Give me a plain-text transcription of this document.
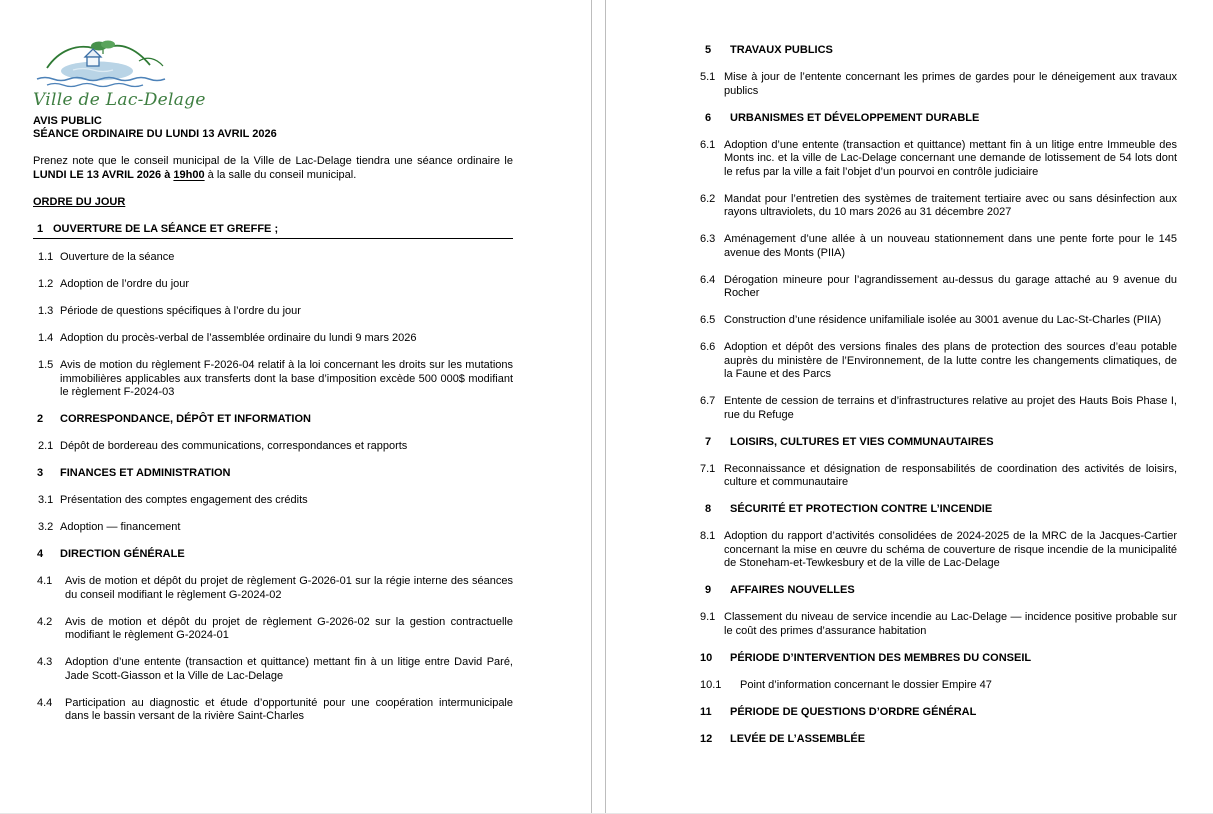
Ville de Lac-Delage
AVIS PUBLIC
SÉANCE ORDINAIRE DU LUNDI 13 AVRIL 2026
Prenez note que le conseil municipal de la Ville de Lac-Delage tiendra une séance ordinaire le LUNDI LE 13 AVRIL 2026 à 19h00 à la salle du conseil municipal.
ORDRE DU JOUR
1 OUVERTURE DE LA SÉANCE ET GREFFE ;
1.1 Ouverture de la séance
1.2 Adoption de l’ordre du jour
1.3 Période de questions spécifiques à l’ordre du jour
1.4 Adoption du procès-verbal de l’assemblée ordinaire du lundi 9 mars 2026
1.5 Avis de motion du règlement F-2026-04 relatif à la loi concernant les droits sur les mutations immobilières applicables aux transferts dont la base d’imposition excède 500 000$ modifiant le règlement F-2024-03
2	CORRESPONDANCE, DÉPÔT ET INFORMATION
2.1 Dépôt de bordereau des communications, correspondances et rapports
3	FINANCES ET ADMINISTRATION
3.1 Présentation des comptes engagement des crédits
3.2 Adoption — financement
4	DIRECTION GÉNÉRALE
4.1	Avis de motion et dépôt du projet de règlement G-2026-01 sur la régie interne des séances du conseil modifiant le règlement G-2024-02
4.2	Avis de motion et dépôt du projet de règlement G-2026-02 sur la gestion contractuelle modifiant le règlement G-2024-01
4.3	Adoption d’une entente (transaction et quittance) mettant fin à un litige entre David Paré, Jade Scott-Giasson et la Ville de Lac-Delage
4.4	Participation au diagnostic et étude d’opportunité pour une coopération intermunicipale dans le bassin versant de la rivière Saint-Charles
5	TRAVAUX PUBLICS
5.1 Mise à jour de l’entente concernant les primes de gardes pour le déneigement aux travaux publics
6	URBANISMES ET DÉVELOPPEMENT DURABLE
6.1 Adoption d’une entente (transaction et quittance) mettant fin à un litige entre Immeuble des Monts inc. et la ville de Lac-Delage concernant une demande de lotissement de 54 lots dont le refus par la ville a fait l’objet d’un pourvoi en contrôle judiciaire
6.2 Mandat pour l’entretien des systèmes de traitement tertiaire avec ou sans désinfection aux rayons ultraviolets, du 10 mars 2026 au 31 décembre 2027
6.3 Aménagement d’une allée à un nouveau stationnement dans une pente forte pour le 145 avenue des Monts (PIIA)
6.4 Dérogation mineure pour l’agrandissement au-dessus du garage attaché au 9 avenue du Rocher
6.5 Construction d’une résidence unifamiliale isolée au 3001 avenue du Lac-St-Charles (PIIA)
6.6 Adoption et dépôt des versions finales des plans de protection des sources d’eau potable auprès du ministère de l’Environnement, de la lutte contre les changements climatiques, de la Faune et des Parcs
6.7 Entente de cession de terrains et d’infrastructures relative au projet des Hauts Bois Phase I, rue du Refuge
7	LOISIRS, CULTURES ET VIES COMMUNAUTAIRES
7.1 Reconnaissance et désignation de responsabilités de coordination des activités de loisirs, culture et communautaire
8	SÉCURITÉ ET PROTECTION CONTRE L’INCENDIE
8.1 Adoption du rapport d’activités consolidées de 2024-2025 de la MRC de la Jacques-Cartier concernant la mise en œuvre du schéma de couverture de risque incendie de la municipalité de Stoneham-et-Tewkesbury et de la ville de Lac-Delage
9	AFFAIRES NOUVELLES
9.1 Classement du niveau de service incendie au Lac-Delage — incidence positive probable sur le coût des primes d’assurance habitation
10	PÉRIODE D’INTERVENTION DES MEMBRES DU CONSEIL
10.1	Point d’information concernant le dossier Empire 47
11	PÉRIODE DE QUESTIONS D’ORDRE GÉNÉRAL
12	LEVÉE DE L’ASSEMBLÉE
